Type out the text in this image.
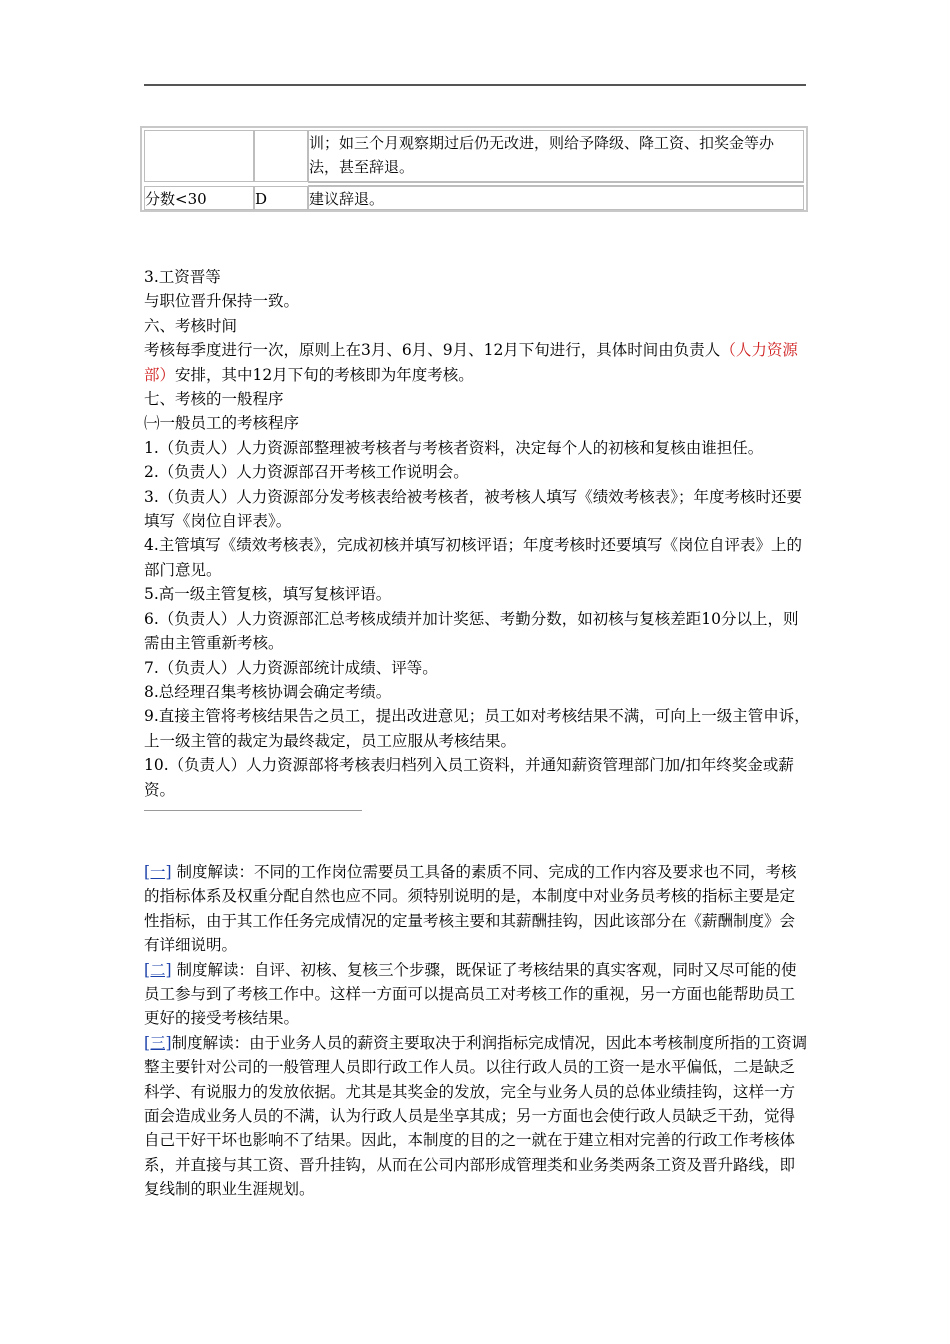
训；如三个月观察期过后仍无改进，则给予降级、降工资、扣奖金等办法，甚至辞退。
分数<30	D	建议辞退。

3.工资晋等

与职位晋升保持一致。

六、考核时间

考核每季度进行一次，原则上在3月、6月、9月、12月下旬进行，具体时间由负责人（人力资源部）安排，其中12月下旬的考核即为年度考核。

七、考核的一般程序

㈠一般员工的考核程序

1.（负责人）人力资源部整理被考核者与考核者资料，决定每个人的初核和复核由谁担任。

2.（负责人）人力资源部召开考核工作说明会。

3.（负责人）人力资源部分发考核表给被考核者，被考核人填写《绩效考核表》；年度考核时还要填写《岗位自评表》。

4.主管填写《绩效考核表》，完成初核并填写初核评语；年度考核时还要填写《岗位自评表》上的部门意见。

5.高一级主管复核，填写复核评语。

6.（负责人）人力资源部汇总考核成绩并加计奖惩、考勤分数，如初核与复核差距10分以上，则需由主管重新考核。

7.（负责人）人力资源部统计成绩、评等。

8.总经理召集考核协调会确定考绩。

9.直接主管将考核结果告之员工，提出改进意见；员工如对考核结果不满，可向上一级主管申诉，上一级主管的裁定为最终裁定，员工应服从考核结果。

10.（负责人）人力资源部将考核表归档列入员工资料，并通知薪资管理部门加/扣年终奖金或薪资。

[一] 制度解读：不同的工作岗位需要员工具备的素质不同、完成的工作内容及要求也不同，考核的指标体系及权重分配自然也应不同。须特别说明的是，本制度中对业务员考核的指标主要是定性指标，由于其工作任务完成情况的定量考核主要和其薪酬挂钩，因此该部分在《薪酬制度》会有详细说明。

[二] 制度解读：自评、初核、复核三个步骤，既保证了考核结果的真实客观，同时又尽可能的使员工参与到了考核工作中。这样一方面可以提高员工对考核工作的重视，另一方面也能帮助员工更好的接受考核结果。

[三]制度解读：由于业务人员的薪资主要取决于利润指标完成情况，因此本考核制度所指的工资调整主要针对公司的一般管理人员即行政工作人员。以往行政人员的工资一是水平偏低，二是缺乏科学、有说服力的发放依据。尤其是其奖金的发放，完全与业务人员的总体业绩挂钩，这样一方面会造成业务人员的不满，认为行政人员是坐享其成；另一方面也会使行政人员缺乏干劲，觉得自己干好干坏也影响不了结果。因此，本制度的目的之一就在于建立相对完善的行政工作考核体系，并直接与其工资、晋升挂钩，从而在公司内部形成管理类和业务类两条工资及晋升路线，即复线制的职业生涯规划。
